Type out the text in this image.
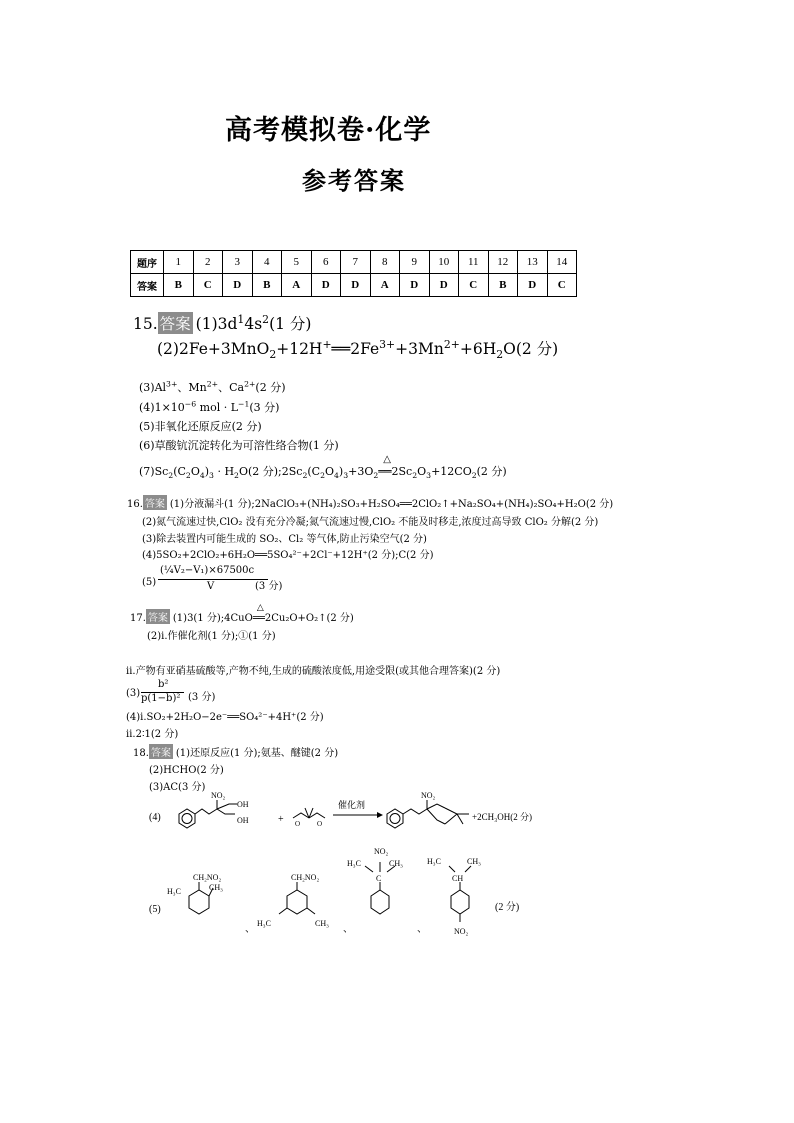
高考模拟卷·化学
参考答案
题序	1	2	3	4	5	6	7	8	9	10	11	12	13	14
答案	B	C	D	B	A	D	D	A	D	D	C	B	D	C
15. 答案 $(1)3d^14s^2(1$ 分)
$(2)2Fe+3MnO_2+12H^+══2Fe^{3+}+3Mn^{2+}+6H_2O(2$ 分)
$(3)Al^{3+}$、$Mn^{2+}$、$Ca^{2+}(2$ 分)
$(4)1\times 10^{-6}$ mol · $L^{-1}(3$ 分)
(5)非氧化还原反应(2 分)
(6)草酸钪沉淀转化为可溶性络合物(1 分)
$(7)Sc_2(C_2O_4)_3 \cdot H_2O(2$ 分)$;2Sc_2(C_2O_4)_3+3O_2$
△
$══2Sc_2O_3+12CO_2(2$ 分)
16. 答案 (1)分液漏斗(1 分);2NaClO₃+(NH₄)₂SO₃+H₂SO₄══2ClO₂↑+Na₂SO₄+(NH₄)₂SO₄+H₂O(2 分)
(2)氮气流速过快,ClO₂ 没有充分冷凝;氮气流速过慢,ClO₂ 不能及时移走,浓度过高导致 ClO₂ 分解(2 分)
(3)除去装置内可能生成的 SO₂、Cl₂ 等气体,防止污染空气(2 分)
(4)5SO₂+2ClO₂+6H₂O══5SO₄²⁻+2Cl⁻+12H⁺(2 分);C(2 分)
(5)
(¼V₂−V₁)×67500c
V	(3 分)
17. 答案 (1)3(1 分);4CuO
△
══2Cu₂O+O₂↑(2 分)
(2)ⅰ.作催化剂(1 分);①(1 分)
ⅱ.产物有亚硝基硫酸等,产物不纯,生成的硫酸浓度低,用途受限(或其他合理答案)(2 分)
(3)
b²
p(1−b)² (3 分)
(4)ⅰ.SO₂+2H₂O−2e⁻══SO₄²⁻+4H⁺(2 分)
ⅱ.2∶1(2 分)
18. 答案 (1)还原反应(1 分);氨基、醚键(2 分)
(2)HCHO(2 分)
(3)AC(3 分)
(4)
NO₂
OH
OH	+ O O
催化剂
NO₂
+2CH₃OH(2 分)
(5)
H₃C
CH₂NO₂
CH₃
、
CH₂NO₂
H₃C	CH₃
、
NO₂
H₃C	CH₃
C
、
H₃C	CH₃
CH
NO₂
(2 分)
